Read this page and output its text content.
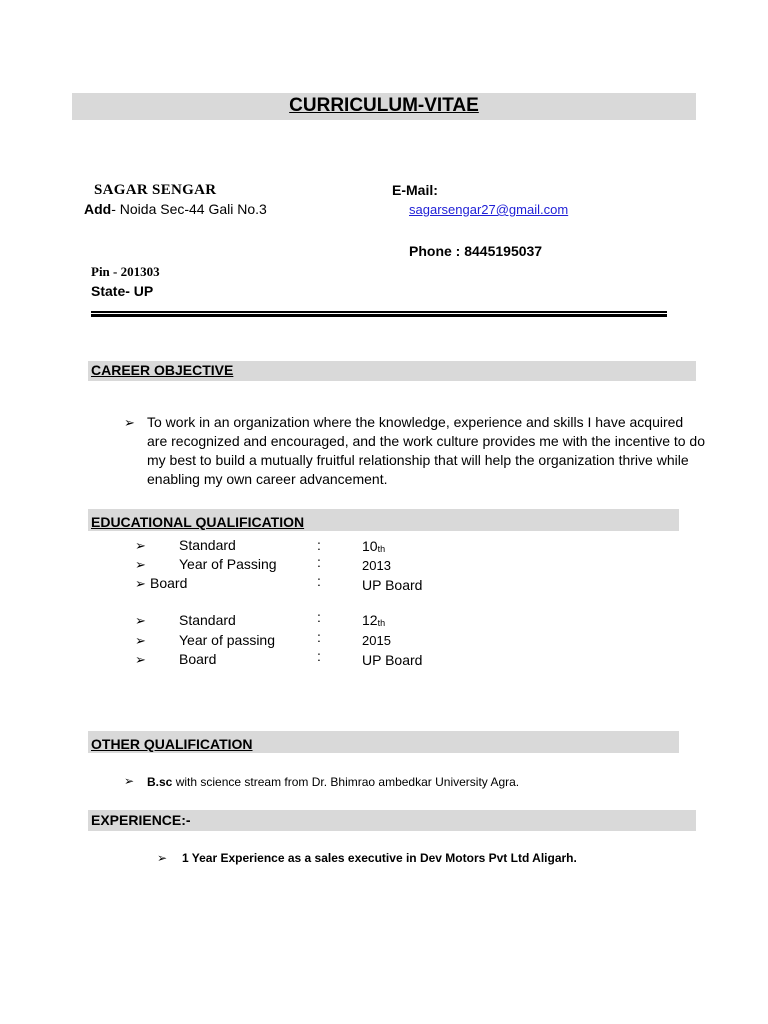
CURRICULUM-VITAE
SAGAR SENGAR
Add- Noida Sec-44 Gali No.3
Pin - 201303
State- UP
E-Mail:
sagarsengar27@gmail.com
Phone : 8445195037
CAREER OBJECTIVE
➢ To work in an organization where the knowledge, experience and skills I have acquired are recognized and encouraged, and the work culture provides me with the incentive to do my best to build a mutually fruitful relationship that will help the organization thrive while enabling my own career advancement.
EDUCATIONAL QUALIFICATION
➢ Standard	:	$10_{th}$
➢ Year of Passing	:	2013
➢ Board	:	UP Board
➢ Standard	:	$12_{th}$
➢ Year of passing	:	2015
➢ Board	:	UP Board
OTHER QUALIFICATION
➢ B.sc with science stream from Dr. Bhimrao ambedkar University Agra.
EXPERIENCE:-
➢ 1 Year Experience as a sales executive in Dev Motors Pvt Ltd Aligarh.
